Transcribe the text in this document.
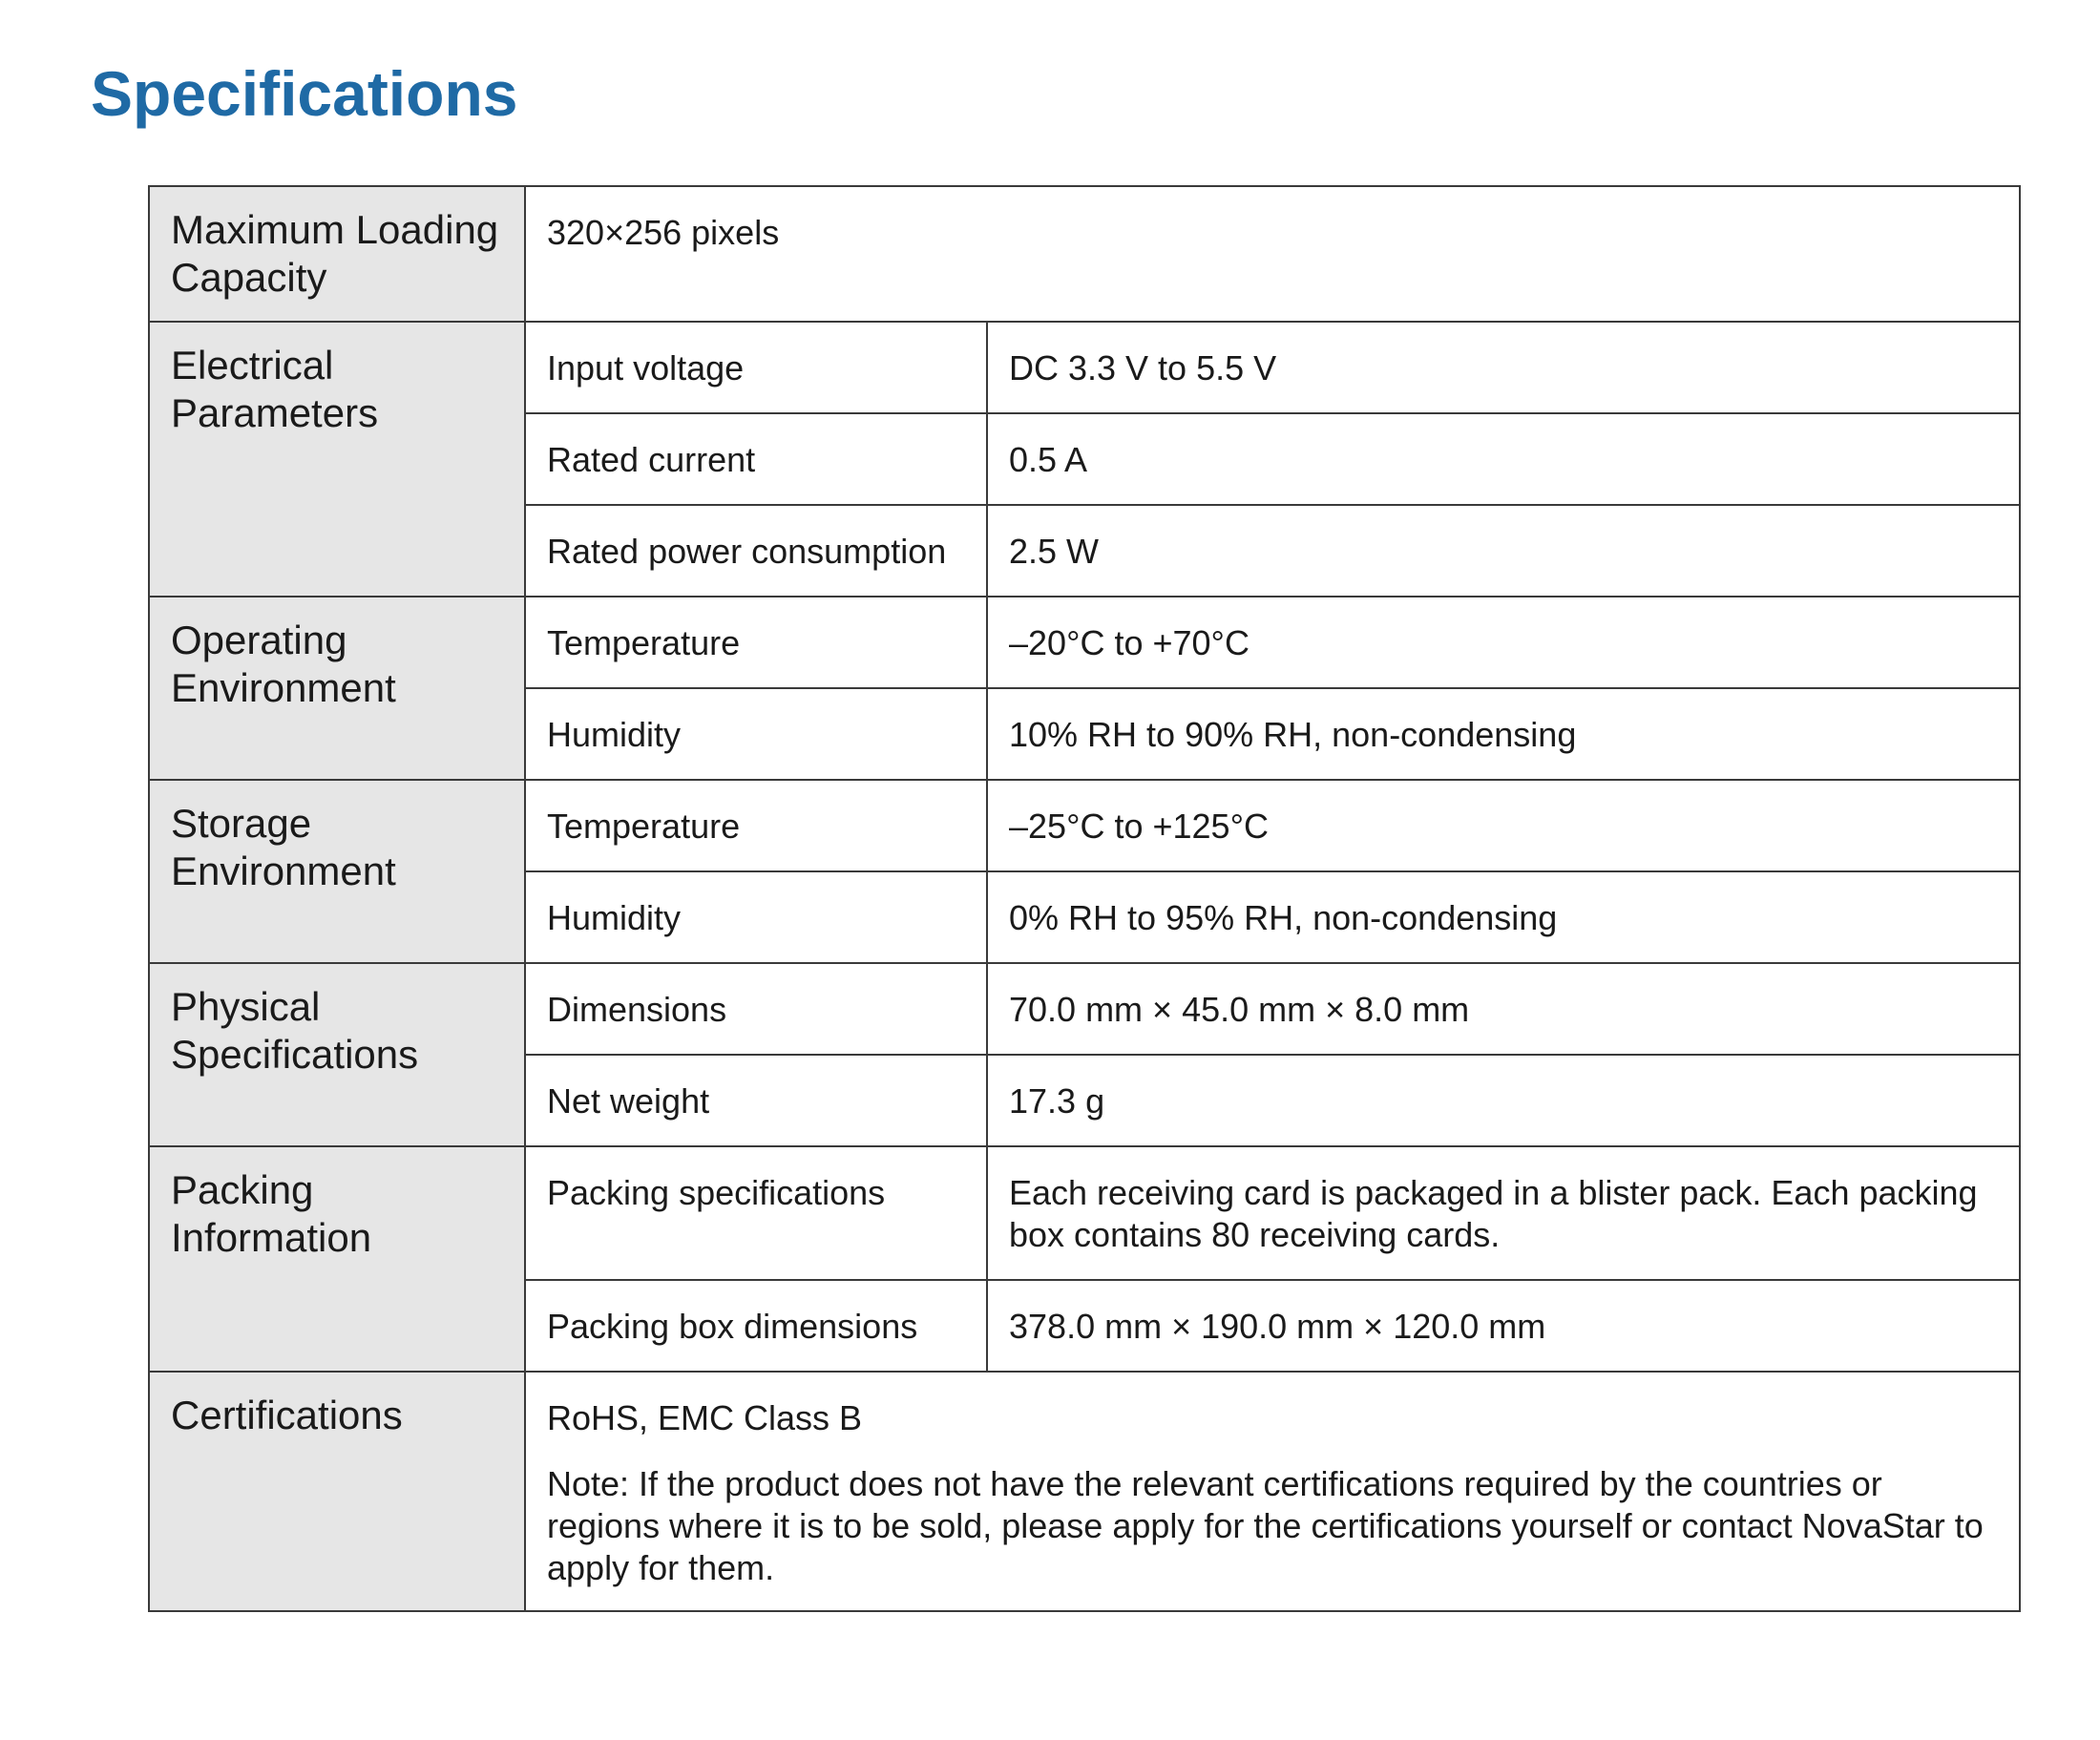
Specifications
Maximum Loading Capacity	320×256 pixels	
Electrical Parameters	Input voltage	DC 3.3 V to 5.5 V
	Rated current	0.5 A
	Rated power consumption	2.5 W
Operating Environment	Temperature	–20°C to +70°C
	Humidity	10% RH to 90% RH, non-condensing
Storage Environment	Temperature	–25°C to +125°C
	Humidity	0% RH to 95% RH, non-condensing
Physical Specifications	Dimensions	70.0 mm × 45.0 mm × 8.0 mm
	Net weight	17.3 g
Packing Information	Packing specifications	Each receiving card is packaged in a blister pack. Each packing box contains 80 receiving cards.
	Packing box dimensions	378.0 mm × 190.0 mm × 120.0 mm
Certifications	RoHS, EMC Class B
Note: If the product does not have the relevant certifications required by the countries or regions where it is to be sold, please apply for the certifications yourself or contact NovaStar to apply for them.	
